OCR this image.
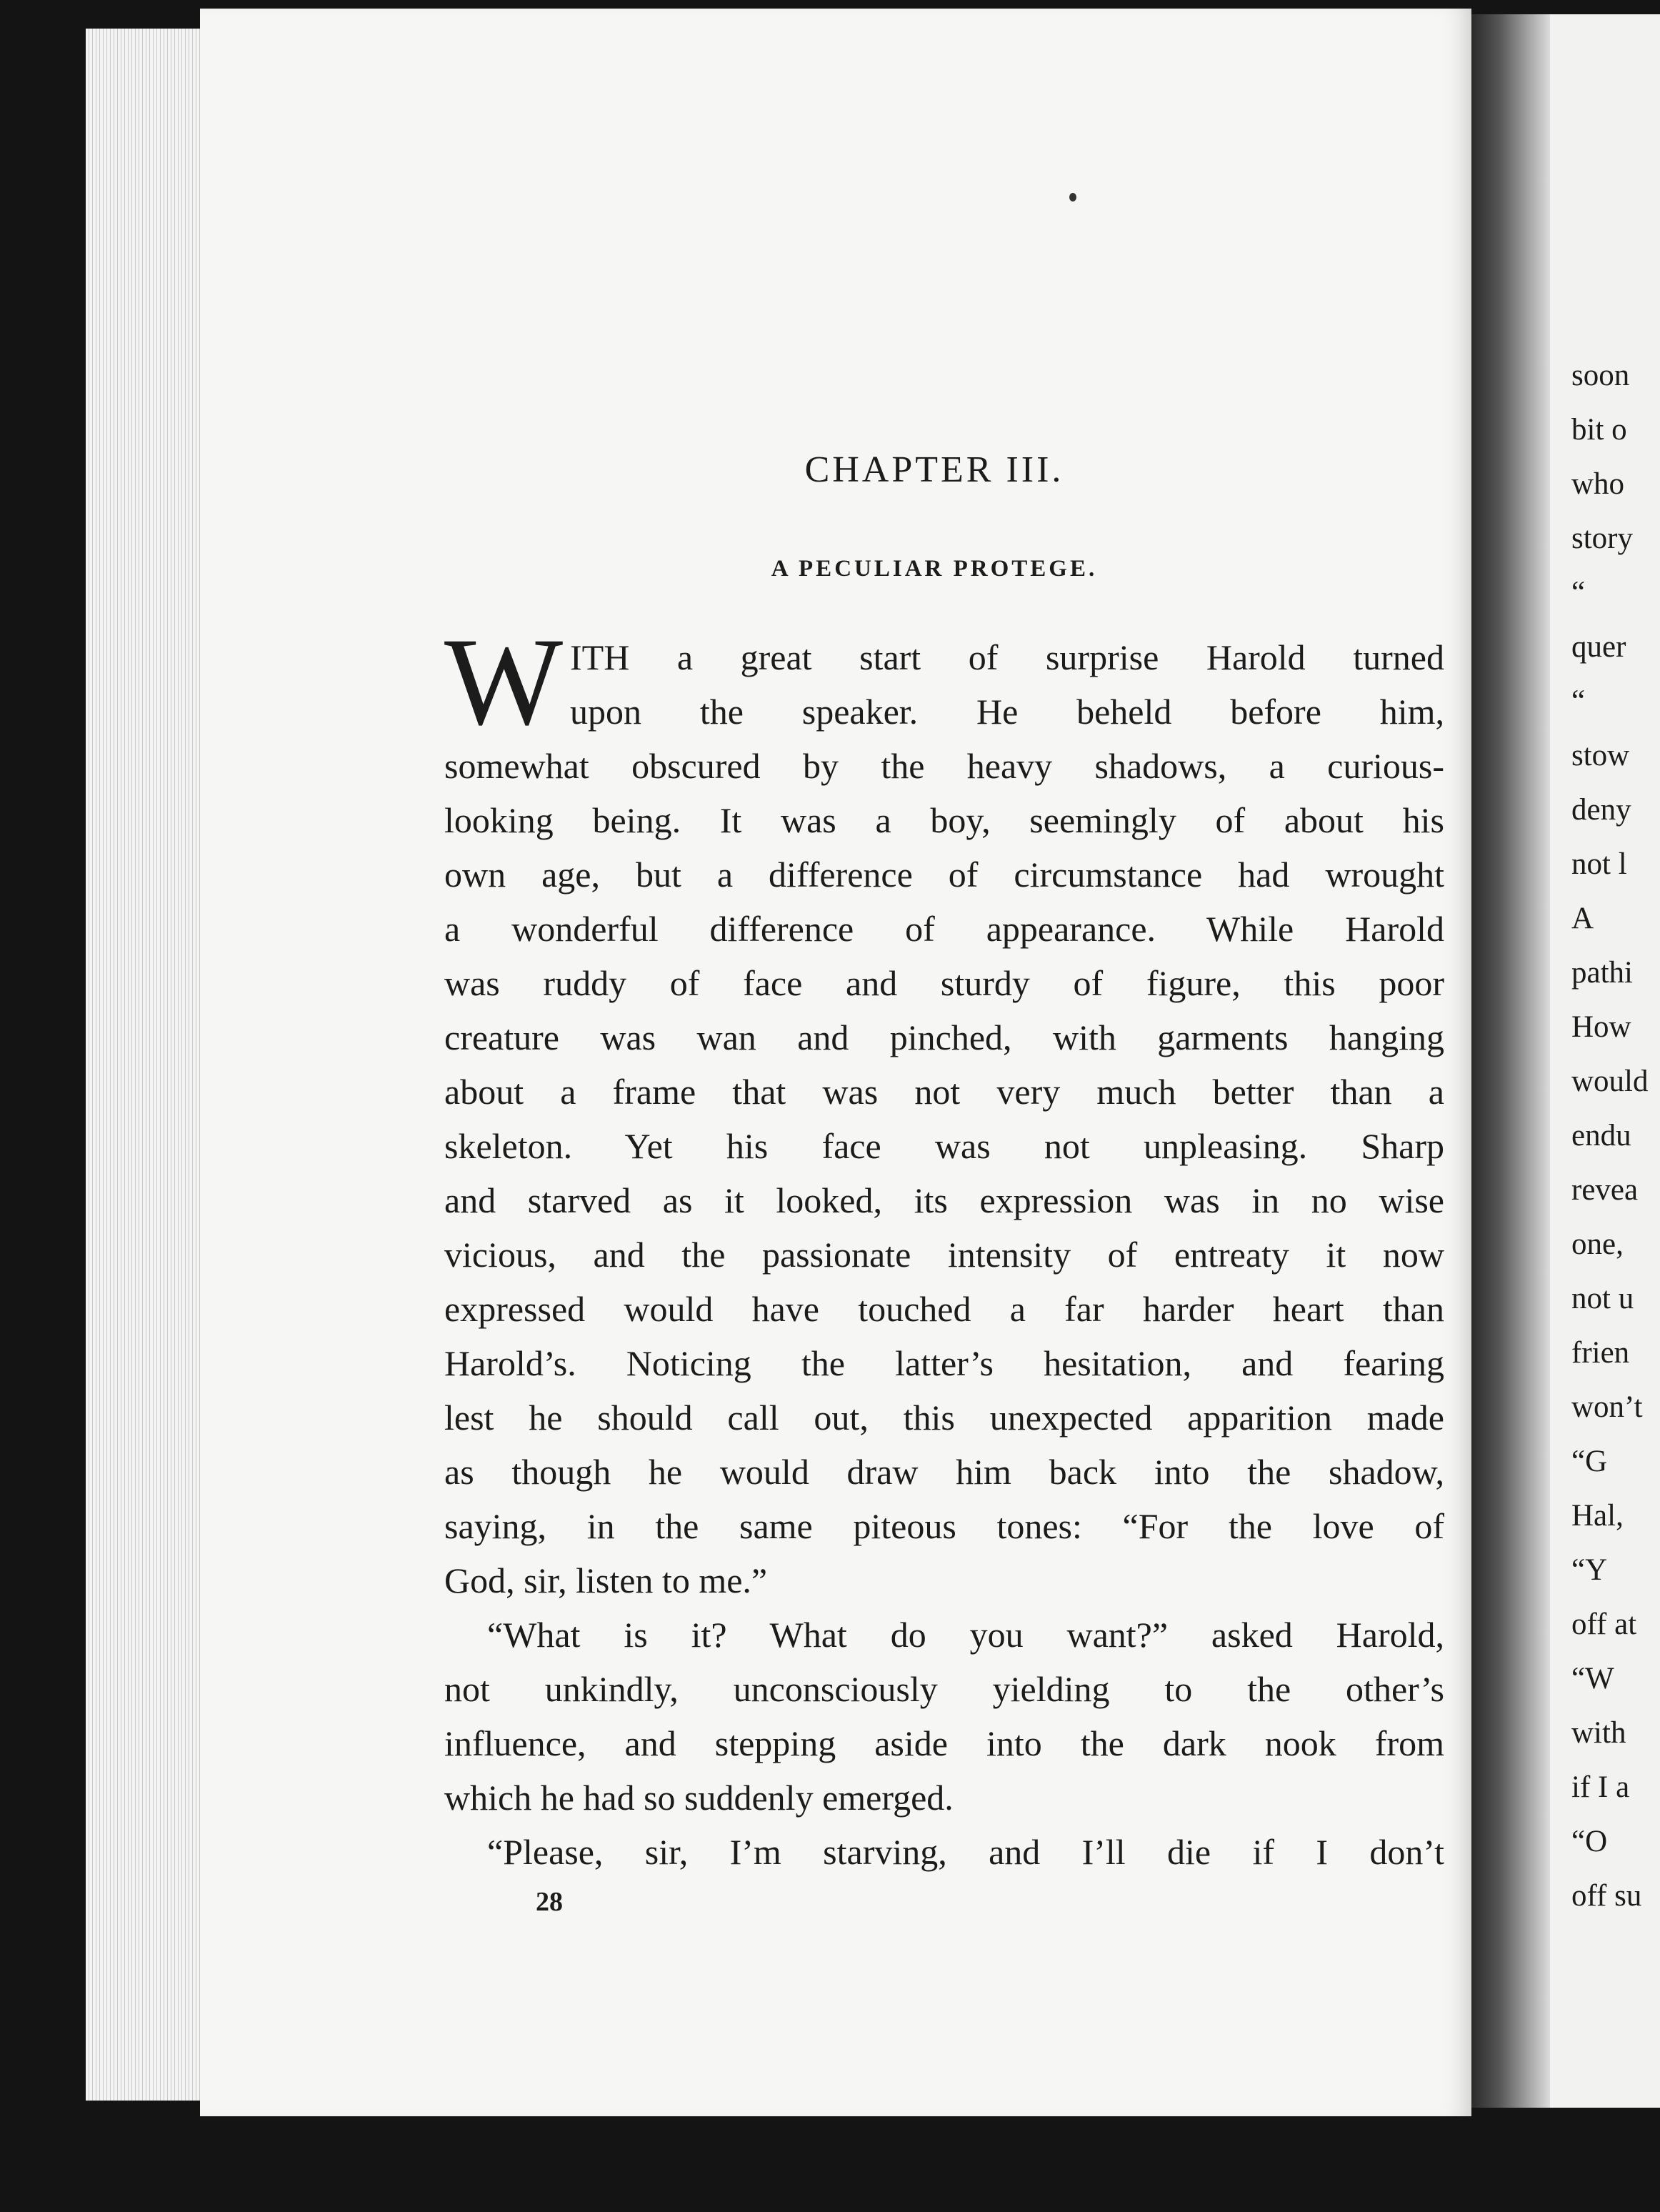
soon
bit o
who
story
“
quer
“
stow
deny
not l
A
pathi
How
would
endu
revea
one,
not u
frien
won’t
“G
Hal,
“Y
off at
“W
with
if I a
“O
off su
CHAPTER III.
A PECULIAR PROTEGE.
W ITH a great start of surprise Harold turned
upon the speaker. He beheld before him,
somewhat obscured by the heavy shadows, a curious-
looking being. It was a boy, seemingly of about his
own age, but a difference of circumstance had wrought
a wonderful difference of appearance. While Harold
was ruddy of face and sturdy of figure, this poor
creature was wan and pinched, with garments hanging
about a frame that was not very much better than a
skeleton. Yet his face was not unpleasing. Sharp
and starved as it looked, its expression was in no wise
vicious, and the passionate intensity of entreaty it now
expressed would have touched a far harder heart than
Harold’s. Noticing the latter’s hesitation, and fearing
lest he should call out, this unexpected apparition made
as though he would draw him back into the shadow,
saying, in the same piteous tones: “For the love of
God, sir, listen to me.”
“What is it? What do you want?” asked Harold,
not unkindly, unconsciously yielding to the other’s
influence, and stepping aside into the dark nook from
which he had so suddenly emerged.
“Please, sir, I’m starving, and I’ll die if I don’t
28
